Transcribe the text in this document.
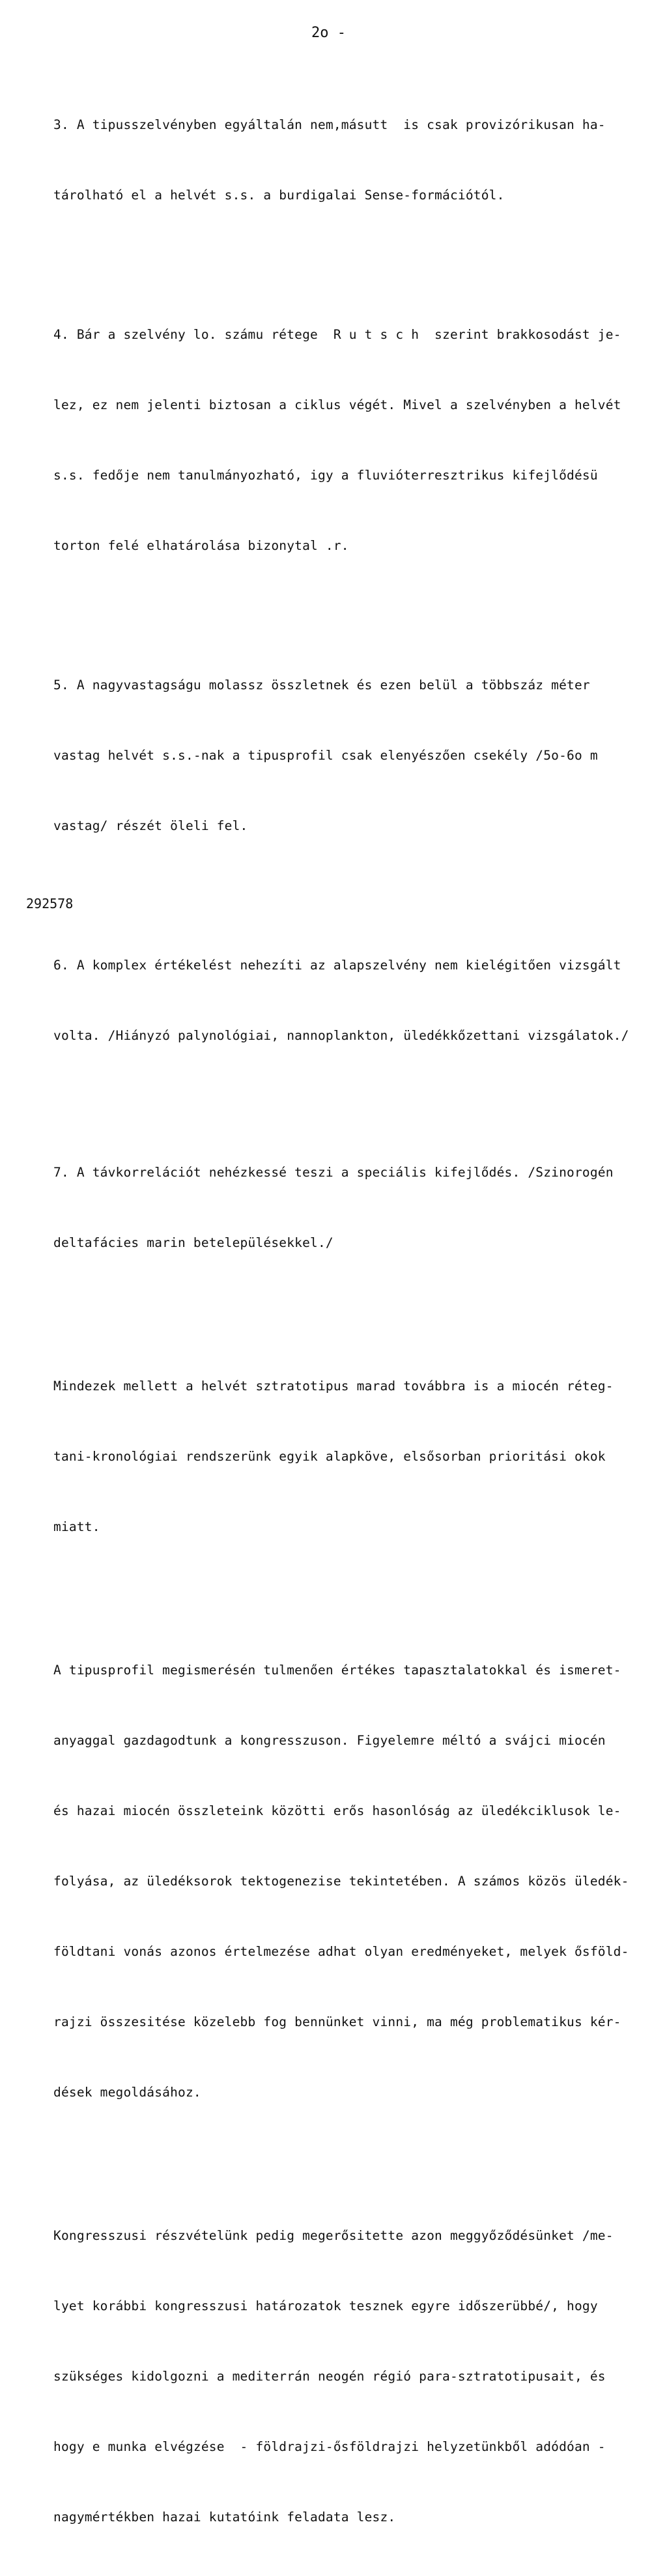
2o -

3. A tipusszelvényben egyáltalán nem,másutt  is csak provizórikusan ha-

tárolható el a helvét s.s. a burdigalai Sense-formációtól.

4. Bár a szelvény lo. számu rétege  R u t s c h  szerint brakkosodást je-

lez, ez nem jelenti biztosan a ciklus végét. Mivel a szelvényben a helvét

s.s. fedője nem tanulmányozható, igy a fluvióterresztrikus kifejlődésü

torton felé elhatárolása bizonytal .r.

5. A nagyvastagságu molassz összletnek és ezen belül a többszáz méter

vastag helvét s.s.-nak a tipusprofil csak elenyészően csekély /5o-6o m

vastag/ részét öleli fel.

6. A komplex értékelést nehezíti az alapszelvény nem kielégitően vizsgált

volta. /Hiányzó palynológiai, nannoplankton, üledékkőzettani vizsgálatok./

7. A távkorrelációt nehézkessé teszi a speciális kifejlődés. /Szinorogén

deltafácies marin betelepülésekkel./

Mindezek mellett a helvét sztratotipus marad továbbra is a miocén réteg-

tani-kronológiai rendszerünk egyik alapköve, elsősorban prioritási okok

miatt.

A tipusprofil megismerésén tulmenően értékes tapasztalatokkal és ismeret-

anyaggal gazdagodtunk a kongresszuson. Figyelemre méltó a svájci miocén

és hazai miocén összleteink közötti erős hasonlóság az üledékciklusok le-

folyása, az üledéksorok tektogenezise tekintetében. A számos közös üledék-

földtani vonás azonos értelmezése adhat olyan eredményeket, melyek ősföld-

rajzi összesitése közelebb fog bennünket vinni, ma még problematikus kér-

dések megoldásához.

Kongresszusi részvételünk pedig megerősitette azon meggyőződésünket /me-

lyet korábbi kongresszusi határozatok tesznek egyre időszerübbé/, hogy

szükséges kidolgozni a mediterrán neogén régió para-sztratotipusait, és

hogy e munka elvégzése  - földrajzi-ősföldrajzi helyzetünkből adódóan -

nagymértékben hazai kutatóink feladata lesz.

292578
